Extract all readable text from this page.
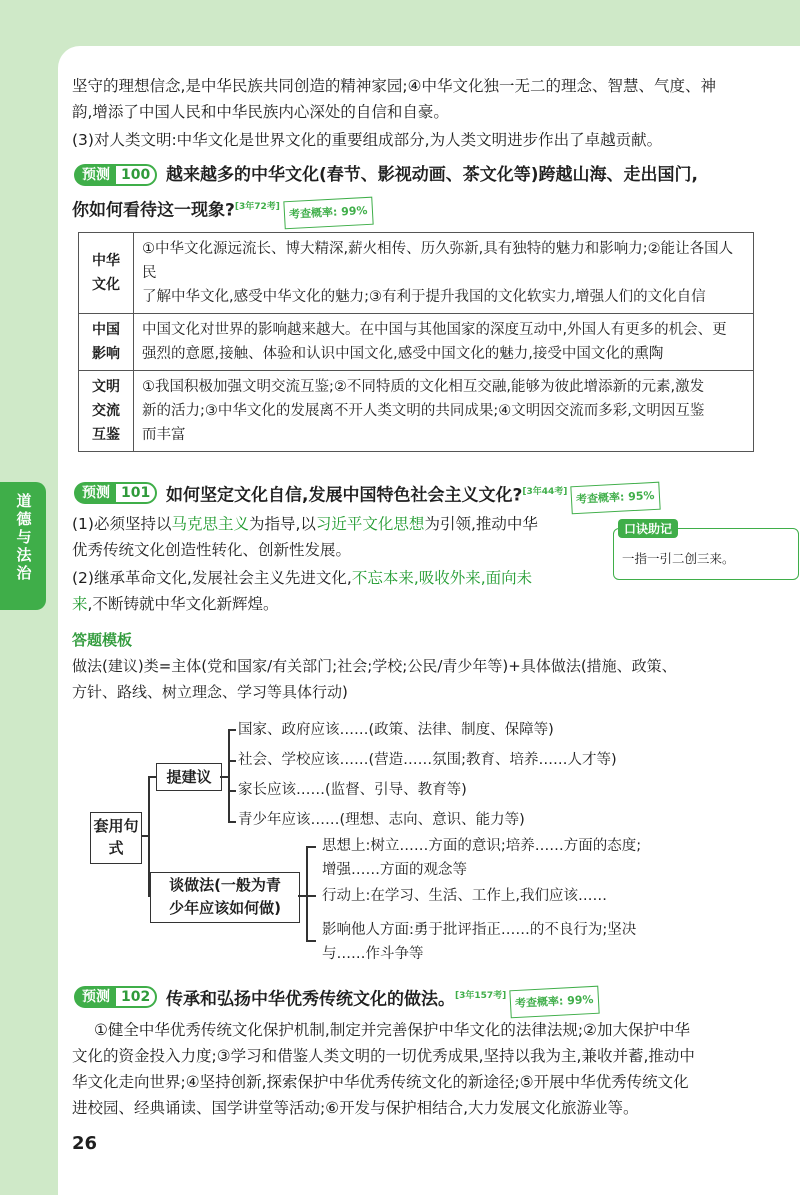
坚守的理想信念,是中华民族共同创造的精神家园;④中华文化独一无二的理念、智慧、气度、神
韵,增添了中国人民和中华民族内心深处的自信和自豪。
(3)对人类文明:中华文化是世界文化的重要组成部分,为人类文明进步作出了卓越贡献。
预测 100 越来越多的中华文化(春节、影视动画、茶文化等)跨越山海、走出国门,
你如何看待这一现象?[3年72考] 考查概率: 99%
中华文化	①中华文化源远流长、博大精深,薪火相传、历久弥新,具有独特的魅力和影响力;②能让各国人民
了解中华文化,感受中华文化的魅力;③有利于提升我国的文化软实力,增强人们的文化自信
中国影响	中国文化对世界的影响越来越大。在中国与其他国家的深度互动中,外国人有更多的机会、更
强烈的意愿,接触、体验和认识中国文化,感受中国文化的魅力,接受中国文化的熏陶
文明交流互鉴	①我国积极加强文明交流互鉴;②不同特质的文化相互交融,能够为彼此增添新的元素,激发
新的活力;③中华文化的发展离不开人类文明的共同成果;④文明因交流而多彩,文明因互鉴
而丰富
预测 101 如何坚定文化自信,发展中国特色社会主义文化?[3年44考] 考查概率: 95%
(1)必须坚持以马克思主义为指导,以习近平文化思想为引领,推动中华
优秀传统文化创造性转化、创新性发展。
(2)继承革命文化,发展社会主义先进文化,不忘本来,吸收外来,面向未
来,不断铸就中华文化新辉煌。
口诀助记
一指一引二创三来。
答题模板
做法(建议)类=主体(党和国家/有关部门;社会;学校;公民/青少年等)+具体做法(措施、政策、
方针、路线、树立理念、学习等具体行动)
套用句式
提建议
国家、政府应该……(政策、法律、制度、保障等)
社会、学校应该……(营造……氛围;教育、培养……人才等)
家长应该……(监督、引导、教育等)
青少年应该……(理想、志向、意识、能力等)
谈做法(一般为青
少年应该如何做)
思想上:树立……方面的意识;培养……方面的态度;
增强……方面的观念等
行动上:在学习、生活、工作上,我们应该……
影响他人方面:勇于批评指正……的不良行为;坚决
与……作斗争等
预测 102 传承和弘扬中华优秀传统文化的做法。[3年157考] 考查概率: 99%
①健全中华优秀传统文化保护机制,制定并完善保护中华文化的法律法规;②加大保护中华
文化的资金投入力度;③学习和借鉴人类文明的一切优秀成果,坚持以我为主,兼收并蓄,推动中
华文化走向世界;④坚持创新,探索保护中华优秀传统文化的新途径;⑤开展中华优秀传统文化
进校园、经典诵读、国学讲堂等活动;⑥开发与保护相结合,大力发展文化旅游业等。
26
道德与法治
